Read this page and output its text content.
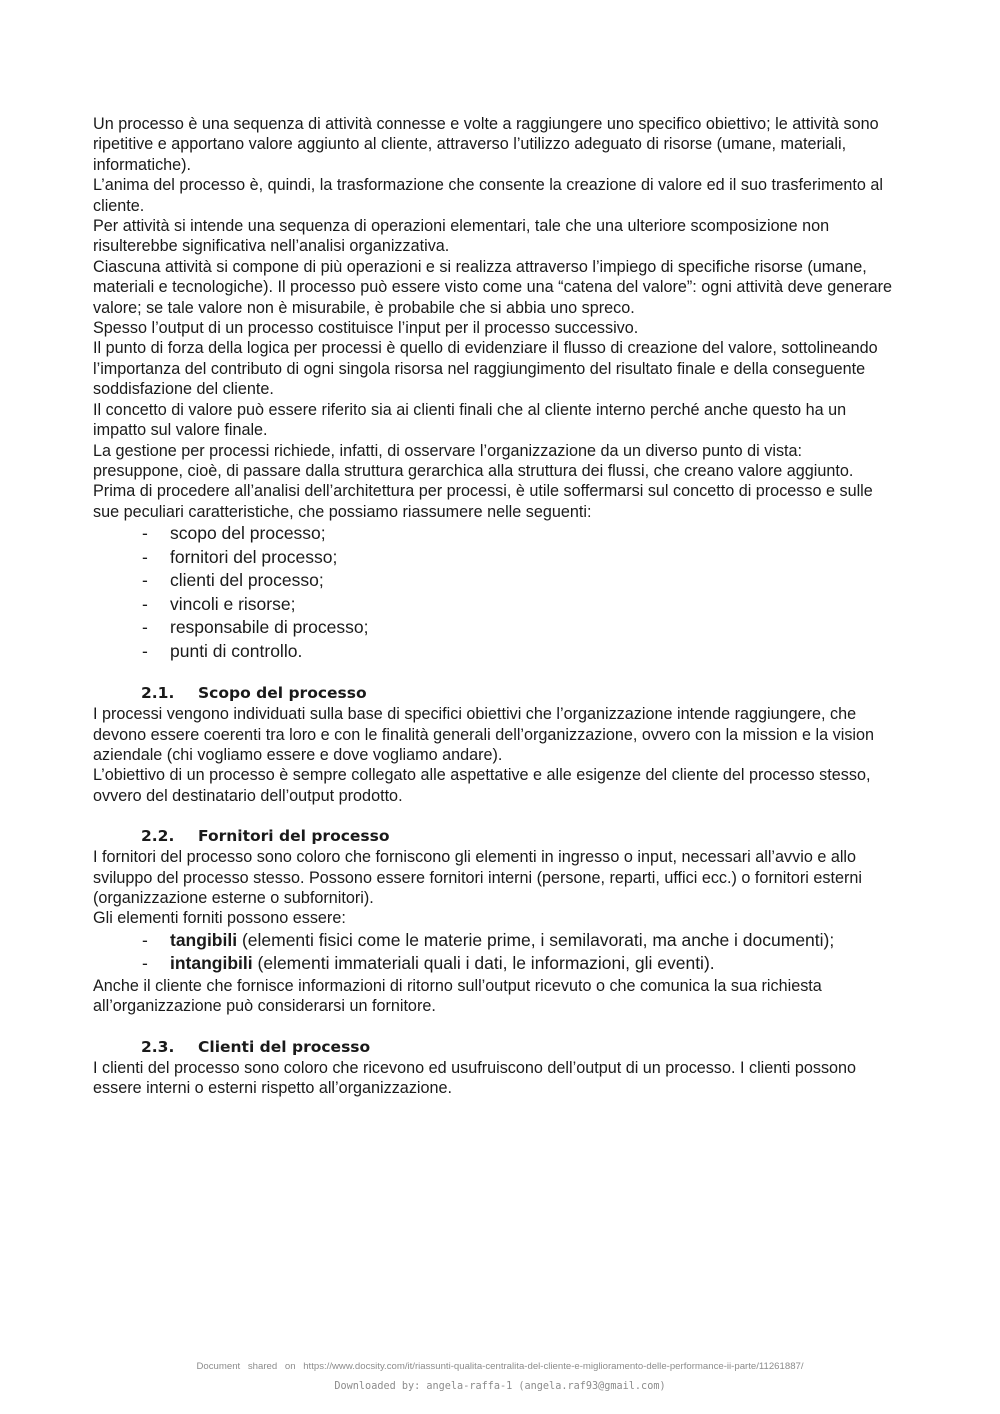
Un processo è una sequenza di attività connesse e volte a raggiungere uno specifico obiettivo; le attività sono ripetitive e apportano valore aggiunto al cliente, attraverso l’utilizzo adeguato di risorse (umane, materiali, informatiche).

L’anima del processo è, quindi, la trasformazione che consente la creazione di valore ed il suo trasferimento al cliente.

Per attività si intende una sequenza di operazioni elementari, tale che una ulteriore scomposizione non risulterebbe significativa nell’analisi organizzativa.

Ciascuna attività si compone di più operazioni e si realizza attraverso l’impiego di specifiche risorse (umane, materiali e tecnologiche). Il processo può essere visto come una “catena del valore”: ogni attività deve generare valore; se tale valore non è misurabile, è probabile che si abbia uno spreco.

Spesso l’output di un processo costituisce l’input per il processo successivo.

Il punto di forza della logica per processi è quello di evidenziare il flusso di creazione del valore, sottolineando l’importanza del contributo di ogni singola risorsa nel raggiungimento del risultato finale e della conseguente soddisfazione del cliente.

Il concetto di valore può essere riferito sia ai clienti finali che al cliente interno perché anche questo ha un impatto sul valore finale.

La gestione per processi richiede, infatti, di osservare l’organizzazione da un diverso punto di vista: presuppone, cioè, di passare dalla struttura gerarchica alla struttura dei flussi, che creano valore aggiunto.

Prima di procedere all’analisi dell’architettura per processi, è utile soffermarsi sul concetto di processo e sulle sue peculiari caratteristiche, che possiamo riassumere nelle seguenti:

- scopo del processo;
- fornitori del processo;
- clienti del processo;
- vincoli e risorse;
- responsabile di processo;
- punti di controllo.
2.1. Scopo del processo

I processi vengono individuati sulla base di specifici obiettivi che l’organizzazione intende raggiungere, che devono essere coerenti tra loro e con le finalità generali dell’organizzazione, ovvero con la mission e la vision aziendale (chi vogliamo essere e dove vogliamo andare).

L’obiettivo di un processo è sempre collegato alle aspettative e alle esigenze del cliente del processo stesso, ovvero del destinatario dell’output prodotto.

2.2. Fornitori del processo

I fornitori del processo sono coloro che forniscono gli elementi in ingresso o input, necessari all’avvio e allo sviluppo del processo stesso. Possono essere fornitori interni (persone, reparti, uffici ecc.) o fornitori esterni (organizzazione esterne o subfornitori).

Gli elementi forniti possono essere:

- tangibili (elementi fisici come le materie prime, i semilavorati, ma anche i documenti);
- intangibili (elementi immateriali quali i dati, le informazioni, gli eventi).

Anche il cliente che fornisce informazioni di ritorno sull’output ricevuto o che comunica la sua richiesta all’organizzazione può considerarsi un fornitore.

2.3. Clienti del processo

I clienti del processo sono coloro che ricevono ed usufruiscono dell’output di un processo. I clienti possono essere interni o esterni rispetto all’organizzazione.

Document shared on https://www.docsity.com/it/riassunti-qualita-centralita-del-cliente-e-miglioramento-delle-performance-ii-parte/11261887/
Downloaded by: angela-raffa-1 (angela.raf93@gmail.com)
